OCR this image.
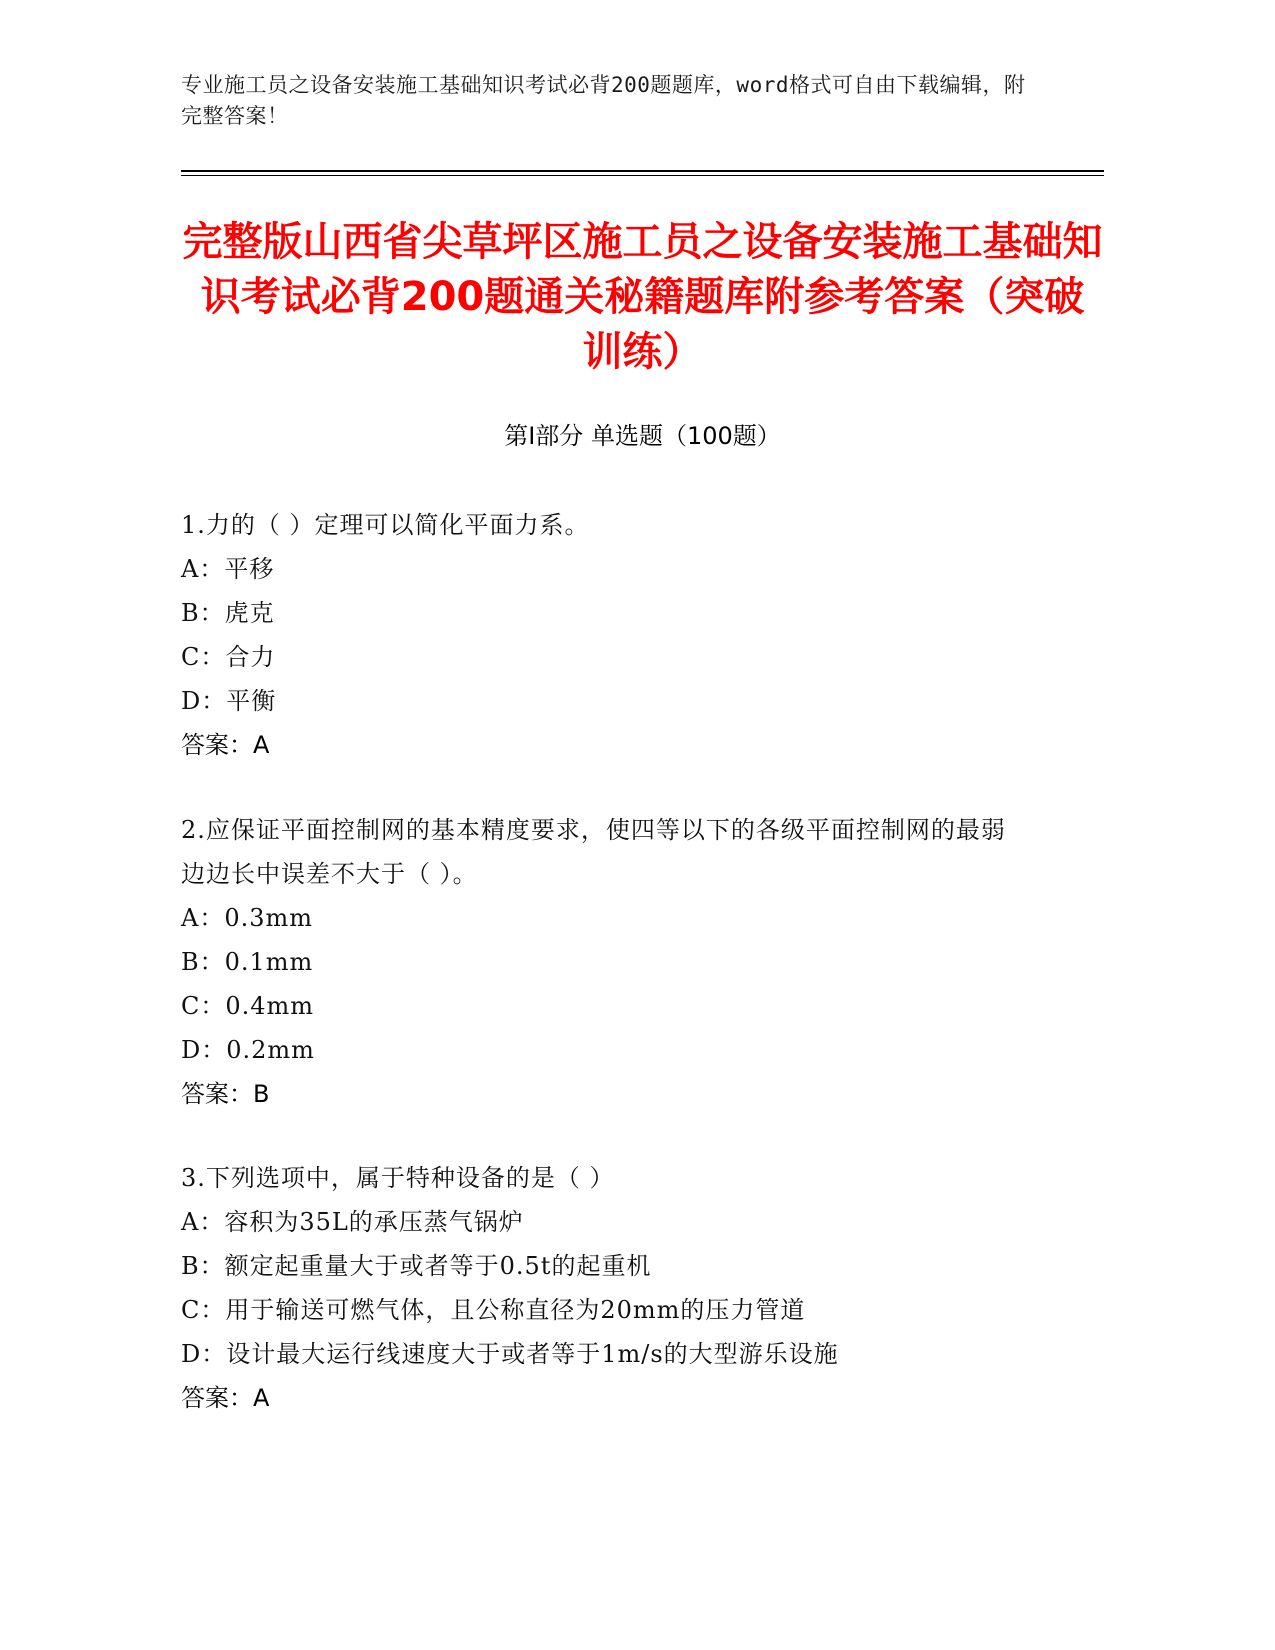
专业施工员之设备安装施工基础知识考试必背200题题库，word格式可自由下载编辑，附完整答案！
完整版山西省尖草坪区施工员之设备安装施工基础知识考试必背200题通关秘籍题库附参考答案（突破训练）
第I部分 单选题（100题）
1.力的（ ）定理可以简化平面力系。
A：平移
B：虎克
C：合力
D：平衡
答案：A
2.应保证平面控制网的基本精度要求，使四等以下的各级平面控制网的最弱边边长中误差不大于（ ）。
A：0.3mm
B：0.1mm
C：0.4mm
D：0.2mm
答案：B
3.下列选项中，属于特种设备的是（ ）
A：容积为35L的承压蒸气锅炉
B：额定起重量大于或者等于0.5t的起重机
C：用于输送可燃气体，且公称直径为20mm的压力管道
D：设计最大运行线速度大于或者等于1m/s的大型游乐设施
答案：A
